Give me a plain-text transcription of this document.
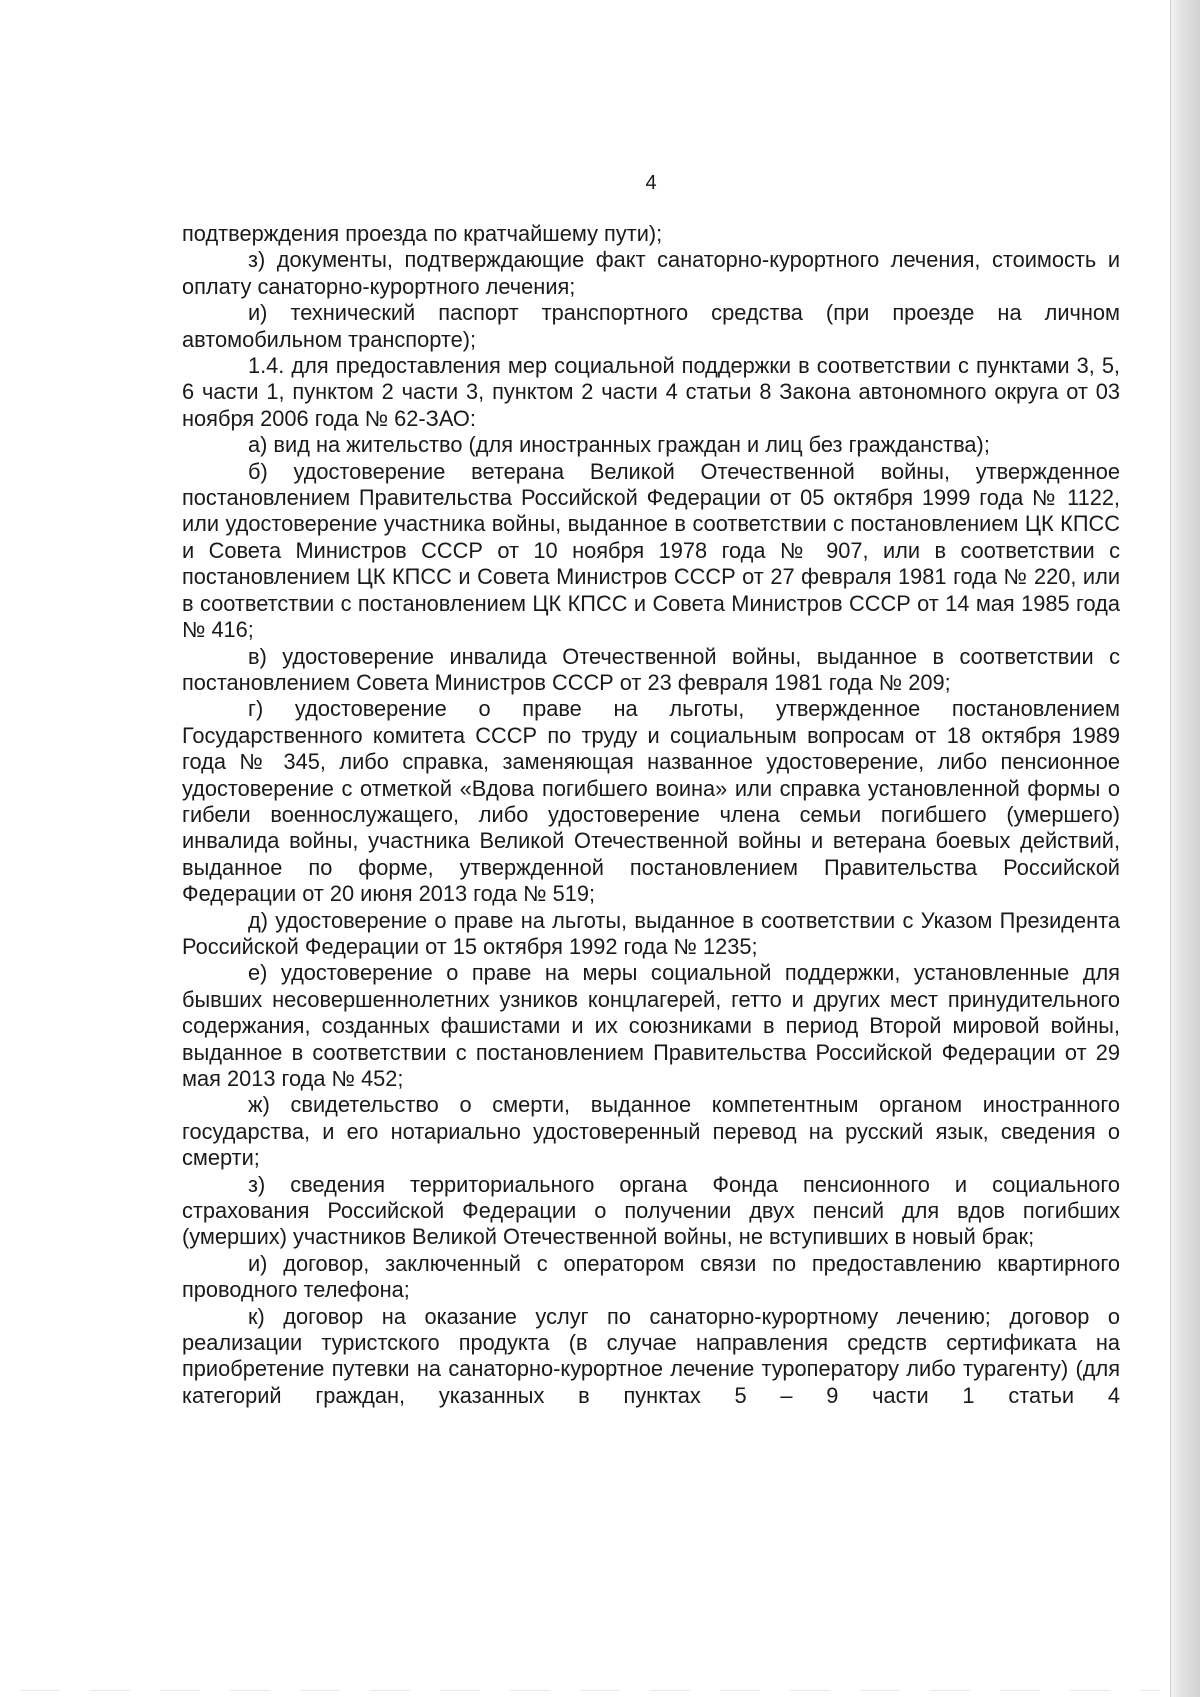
4

подтверждения проезда по кратчайшему пути);

з) документы, подтверждающие факт санаторно-курортного лечения, стоимость и оплату санаторно-курортного лечения;

и) технический паспорт транспортного средства (при проезде на личном автомобильном транспорте);

1.4. для предоставления мер социальной поддержки в соответствии с пунктами 3, 5, 6 части 1, пунктом 2 части 3, пунктом 2 части 4 статьи 8 Закона автономного округа от 03 ноября 2006 года № 62-ЗАО:

а) вид на жительство (для иностранных граждан и лиц без гражданства);

б) удостоверение ветерана Великой Отечественной войны, утвержденное постановлением Правительства Российской Федерации от 05 октября 1999 года № 1122, или удостоверение участника войны, выданное в соответствии с постановлением ЦК КПСС и Совета Министров СССР от 10 ноября 1978 года № 907, или в соответствии с постановлением ЦК КПСС и Совета Министров СССР от 27 февраля 1981 года № 220, или в соответствии с постановлением ЦК КПСС и Совета Министров СССР от 14 мая 1985 года № 416;

в) удостоверение инвалида Отечественной войны, выданное в соответствии с постановлением Совета Министров СССР от 23 февраля 1981 года № 209;

г) удостоверение о праве на льготы, утвержденное постановлением Государственного комитета СССР по труду и социальным вопросам от 18 октября 1989 года № 345, либо справка, заменяющая названное удостоверение, либо пенсионное удостоверение с отметкой «Вдова погибшего воина» или справка установленной формы о гибели военнослужащего, либо удостоверение члена семьи погибшего (умершего) инвалида войны, участника Великой Отечественной войны и ветерана боевых действий, выданное по форме, утвержденной постановлением Правительства Российской Федерации от 20 июня 2013 года № 519;

д) удостоверение о праве на льготы, выданное в соответствии с Указом Президента Российской Федерации от 15 октября 1992 года № 1235;

е) удостоверение о праве на меры социальной поддержки, установленные для бывших несовершеннолетних узников концлагерей, гетто и других мест принудительного содержания, созданных фашистами и их союзниками в период Второй мировой войны, выданное в соответствии с постановлением Правительства Российской Федерации от 29 мая 2013 года № 452;

ж) свидетельство о смерти, выданное компетентным органом иностранного государства, и его нотариально удостоверенный перевод на русский язык, сведения о смерти;

з) сведения территориального органа Фонда пенсионного и социального страхования Российской Федерации о получении двух пенсий для вдов погибших (умерших) участников Великой Отечественной войны, не вступивших в новый брак;

и) договор, заключенный с оператором связи по предоставлению квартирного проводного телефона;

к) договор на оказание услуг по санаторно-курортному лечению; договор о реализации туристского продукта (в случае направления средств сертификата на приобретение путевки на санаторно-курортное лечение туроператору либо турагенту) (для категорий граждан, указанных в пунктах 5 – 9 части 1 статьи 4
